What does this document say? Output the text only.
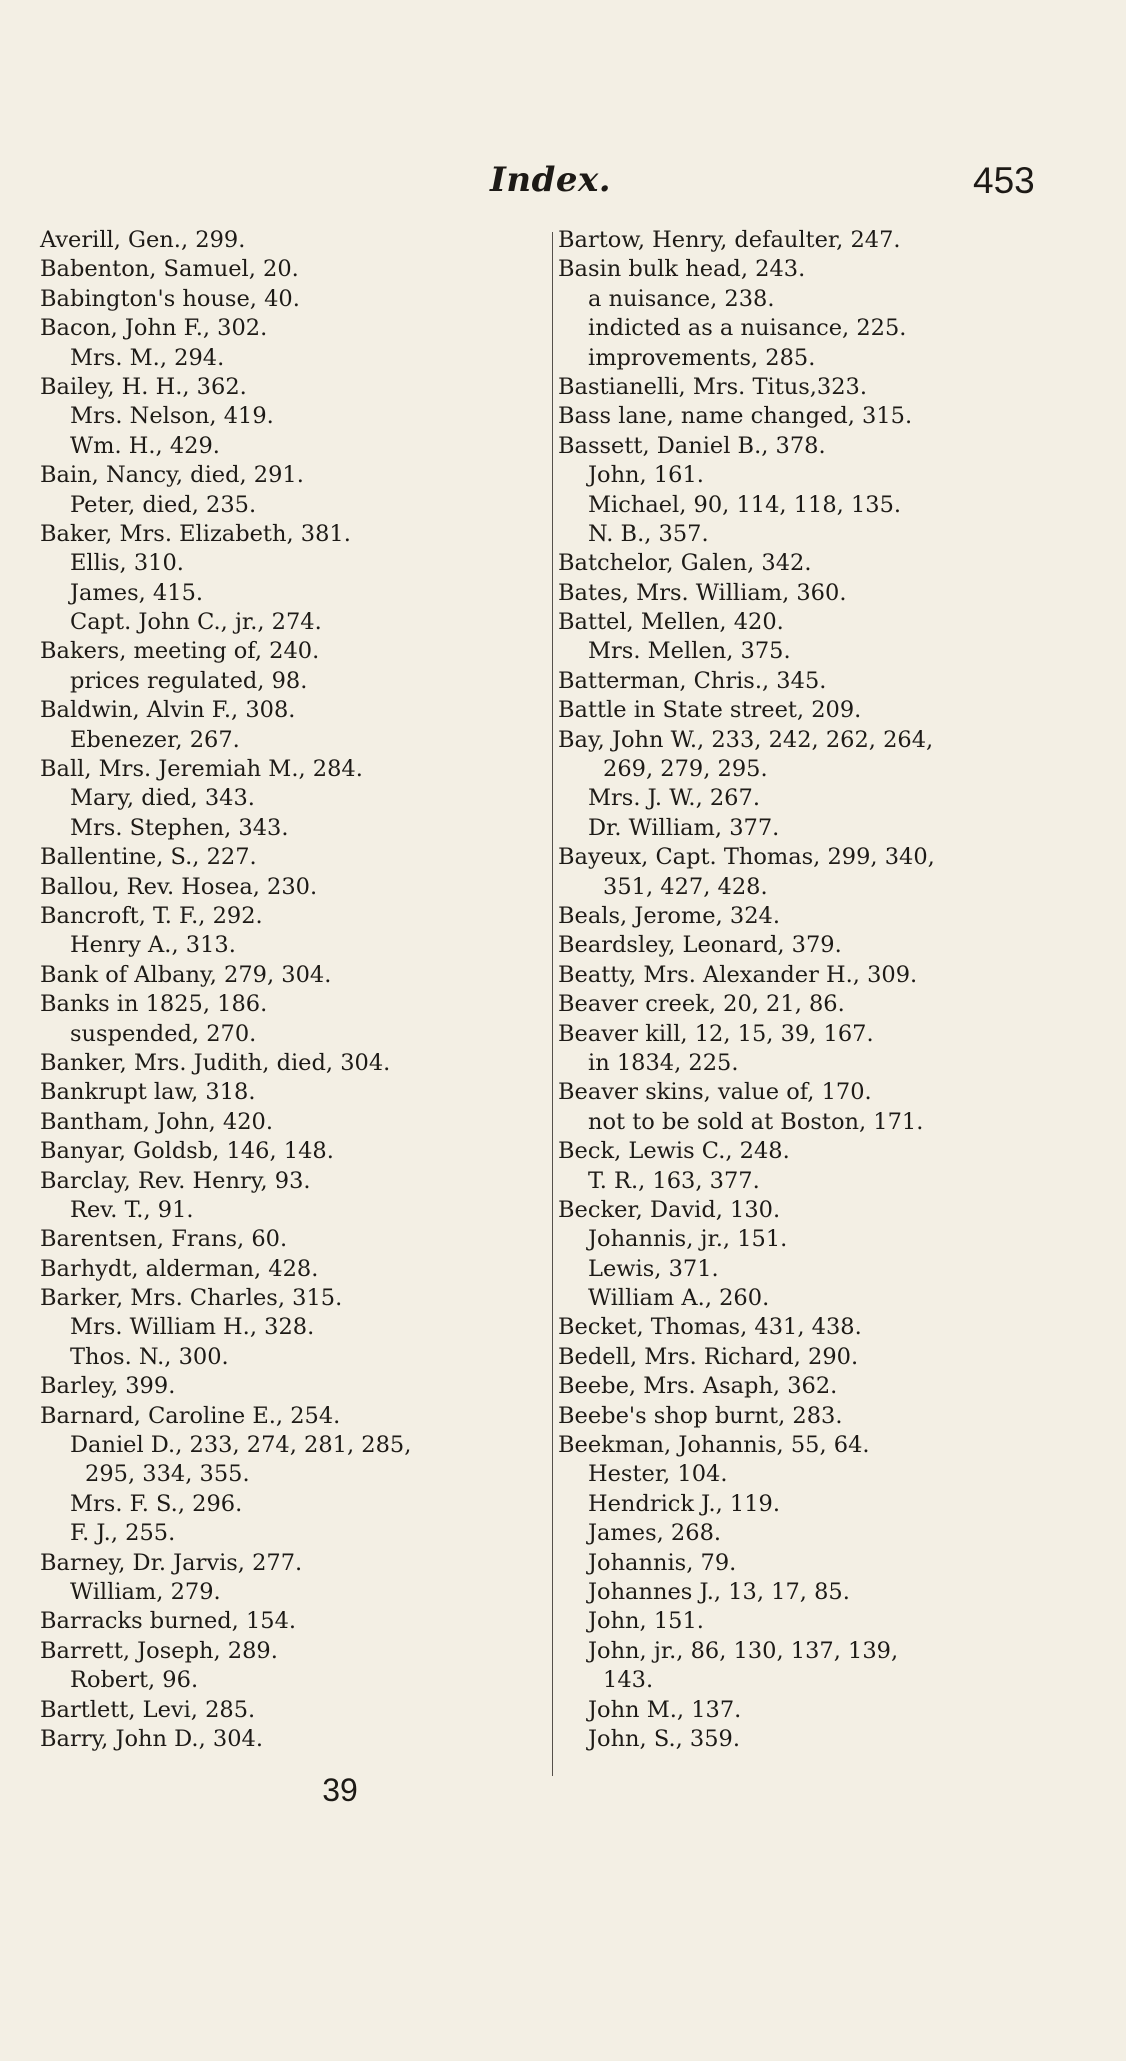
Index.	453
Averill, Gen., 299.
Babenton, Samuel, 20.
Babington's house, 40.
Bacon, John F., 302.
Mrs. M., 294.
Bailey, H. H., 362.
Mrs. Nelson, 419.
Wm. H., 429.
Bain, Nancy, died, 291.
Peter, died, 235.
Baker, Mrs. Elizabeth, 381.
Ellis, 310.
James, 415.
Capt. John C., jr., 274.
Bakers, meeting of, 240.
prices regulated, 98.
Baldwin, Alvin F., 308.
Ebenezer, 267.
Ball, Mrs. Jeremiah M., 284.
Mary, died, 343.
Mrs. Stephen, 343.
Ballentine, S., 227.
Ballou, Rev. Hosea, 230.
Bancroft, T. F., 292.
Henry A., 313.
Bank of Albany, 279, 304.
Banks in 1825, 186.
suspended, 270.
Banker, Mrs. Judith, died, 304.
Bankrupt law, 318.
Bantham, John, 420.
Banyar, Goldsb, 146, 148.
Barclay, Rev. Henry, 93.
Rev. T., 91.
Barentsen, Frans, 60.
Barhydt, alderman, 428.
Barker, Mrs. Charles, 315.
Mrs. William H., 328.
Thos. N., 300.
Barley, 399.
Barnard, Caroline E., 254.
Daniel D., 233, 274, 281, 285,
295, 334, 355.
Mrs. F. S., 296.
F. J., 255.
Barney, Dr. Jarvis, 277.
William, 279.
Barracks burned, 154.
Barrett, Joseph, 289.
Robert, 96.
Bartlett, Levi, 285.
Barry, John D., 304.
Bartow, Henry, defaulter, 247.
Basin bulk head, 243.
a nuisance, 238.
indicted as a nuisance, 225.
improvements, 285.
Bastianelli, Mrs. Titus,323.
Bass lane, name changed, 315.
Bassett, Daniel B., 378.
John, 161.
Michael, 90, 114, 118, 135.
N. B., 357.
Batchelor, Galen, 342.
Bates, Mrs. William, 360.
Battel, Mellen, 420.
Mrs. Mellen, 375.
Batterman, Chris., 345.
Battle in State street, 209.
Bay, John W., 233, 242, 262, 264,
269, 279, 295.
Mrs. J. W., 267.
Dr. William, 377.
Bayeux, Capt. Thomas, 299, 340,
351, 427, 428.
Beals, Jerome, 324.
Beardsley, Leonard, 379.
Beatty, Mrs. Alexander H., 309.
Beaver creek, 20, 21, 86.
Beaver kill, 12, 15, 39, 167.
in 1834, 225.
Beaver skins, value of, 170.
not to be sold at Boston, 171.
Beck, Lewis C., 248.
T. R., 163, 377.
Becker, David, 130.
Johannis, jr., 151.
Lewis, 371.
William A., 260.
Becket, Thomas, 431, 438.
Bedell, Mrs. Richard, 290.
Beebe, Mrs. Asaph, 362.
Beebe's shop burnt, 283.
Beekman, Johannis, 55, 64.
Hester, 104.
Hendrick J., 119.
James, 268.
Johannis, 79.
Johannes J., 13, 17, 85.
John, 151.
John, jr., 86, 130, 137, 139,
143.
John M., 137.
John, S., 359.
39
